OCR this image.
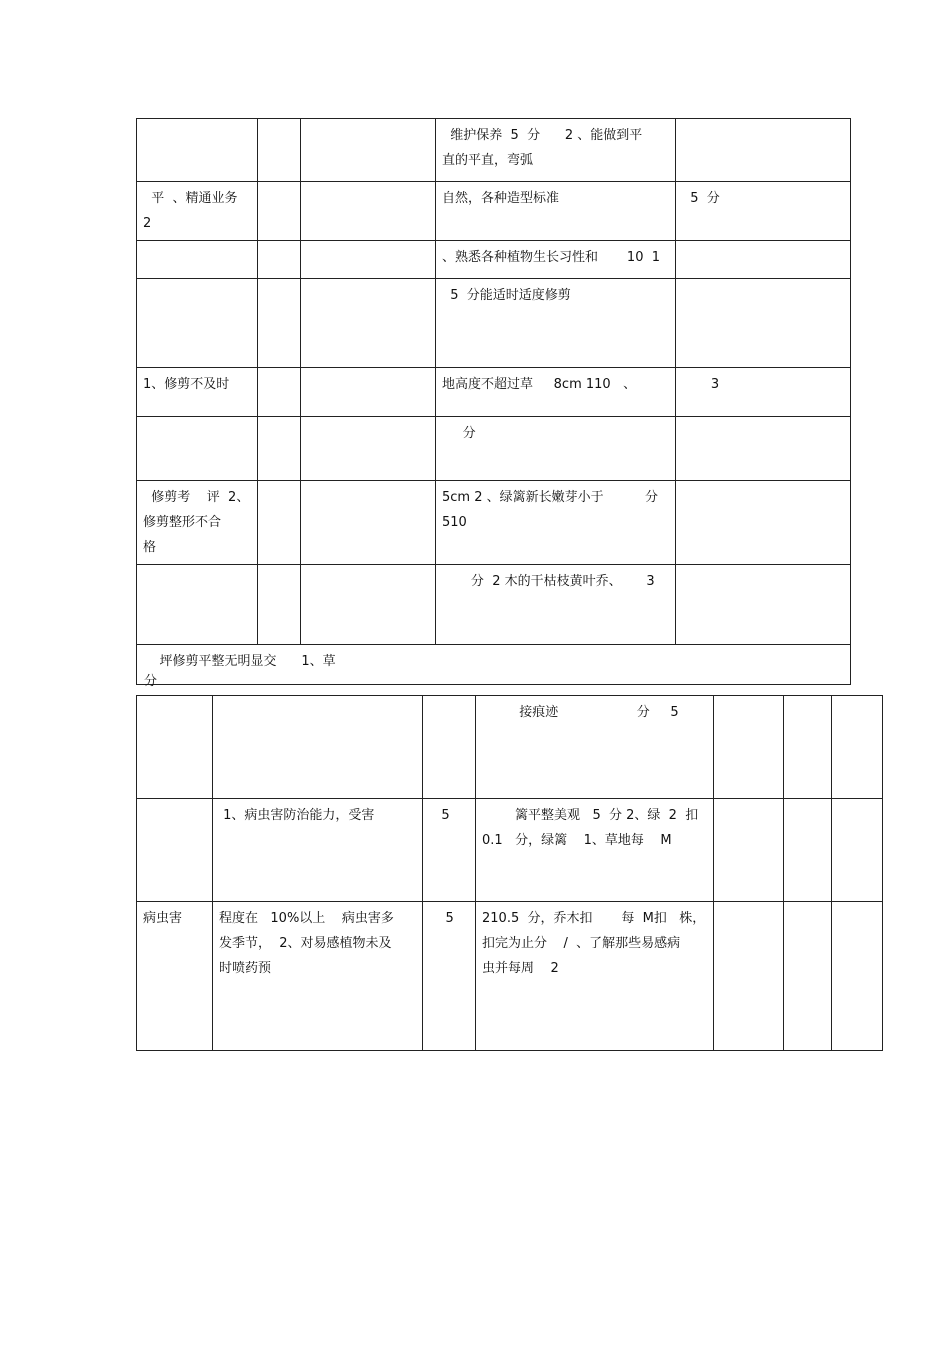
			维护保养  5  分      2 、能做到平
直的平直，弯弧	

平  、精通业务
2			自然，各种造型标准	5  分

			、熟悉各种植物生长习性和       10  1	

			5  分能适时适度修剪	

1、修剪不及时			地高度不超过草     8cm 110   、	3

			分	

修剪考    评  2、
修剪整形不合
格			5cm 2 、绿篱新长嫩芽小于          分
510	

			分  2 木的干枯枝黄叶乔、      3	

坪修剪平整无明显交      1、草				
分

			接痕迹                   分     5			

	1、病虫害防治能力，受害	5	篱平整美观   5  分 2、绿  2  扣
0.1   分，绿篱    1、草地每    M			

病虫害	程度在   10%以上    病虫害多
发季节，  2、对易感植物未及
时喷药预	5	210.5  分，乔木扣       每  M扣   株，
扣完为止分    /  、了解那些易感病
虫并每周    2			
